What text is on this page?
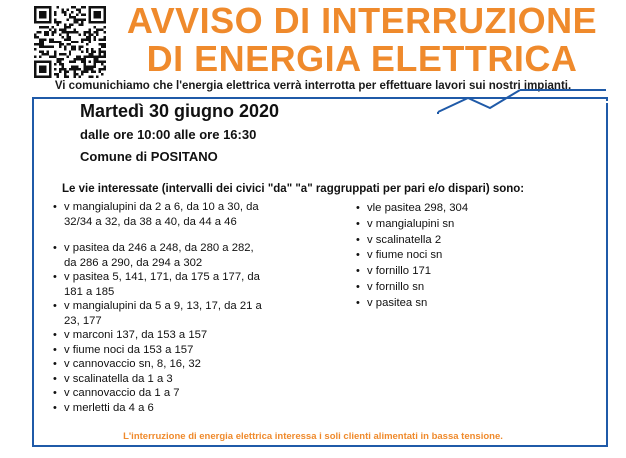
AVVISO DI INTERRUZIONE
DI ENERGIA ELETTRICA
Vi comunichiamo che l'energia elettrica verrà interrotta per effettuare lavori sui nostri impianti.
Martedì 30 giugno 2020
dalle ore 10:00 alle ore 16:30
Comune di POSITANO
Le vie interessate (intervalli dei civici "da" "a" raggruppati per pari e/o dispari) sono:
• v mangialupini da 2 a 6, da 10 a 30, da
32/34 a 32, da 38 a 40, da 44 a 46
• v pasitea da 246 a 248, da 280 a 282,
da 286 a 290, da 294 a 302
• v pasitea 5, 141, 171, da 175 a 177, da
181 a 185
• v mangialupini da 5 a 9, 13, 17, da 21 a
23, 177
• v marconi 137, da 153 a 157
• v fiume noci da 153 a 157
• v cannovaccio sn, 8, 16, 32
• v scalinatella da 1 a 3
• v cannovaccio da 1 a 7
• v merletti da 4 a 6
• vle pasitea 298, 304
• v mangialupini sn
• v scalinatella 2
• v fiume noci sn
• v fornillo 171
• v fornillo sn
• v pasitea sn
L'interruzione di energia elettrica interessa i soli clienti alimentati in bassa tensione.
